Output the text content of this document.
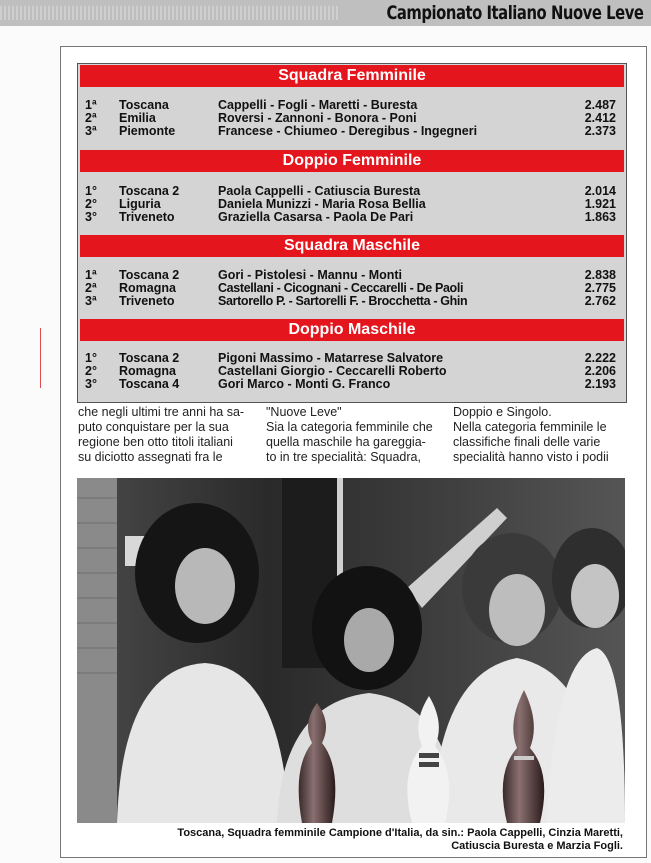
Campionato Italiano Nuove Leve
Squadra Femminile
1ª Toscana	Cappelli - Fogli - Maretti - Buresta	2.487
2ª Emilia	Roversi - Zannoni - Bonora - Poni	2.412
3ª Piemonte	Francese - Chiumeo - Deregibus - Ingegneri	2.373
Doppio Femminile
1° Toscana 2	Paola Cappelli - Catiuscia Buresta	2.014
2° Liguria	Daniela Munizzi - Maria Rosa Bellia	1.921
3° Triveneto	Graziella Casarsa - Paola De Pari	1.863
Squadra Maschile
1ª Toscana 2	Gori - Pistolesi - Mannu - Monti	2.838
2ª Romagna	Castellani - Cicognani - Ceccarelli - De Paoli	2.775
3ª Triveneto	Sartorello P. - Sartorelli F. - Brocchetta - Ghin	2.762
Doppio Maschile
1° Toscana 2	Pigoni Massimo - Matarrese Salvatore	2.222
2° Romagna	Castellani Giorgio - Ceccarelli Roberto	2.206
3° Toscana 4	Gori Marco - Monti G. Franco	2.193
che negli ultimi tre anni ha sa-
puto conquistare per la sua
regione ben otto titoli italiani
su diciotto assegnati fra le
"Nuove Leve"
Sia la categoria femminile che
quella maschile ha gareggia-
to in tre specialità: Squadra,
Doppio e Singolo.
Nella categoria femminile le
classifiche finali delle varie
specialità hanno visto i podii
Toscana, Squadra femminile Campione d'Italia, da sin.: Paola Cappelli, Cinzia Maretti,
Catiuscia Buresta e Marzia Fogli.
